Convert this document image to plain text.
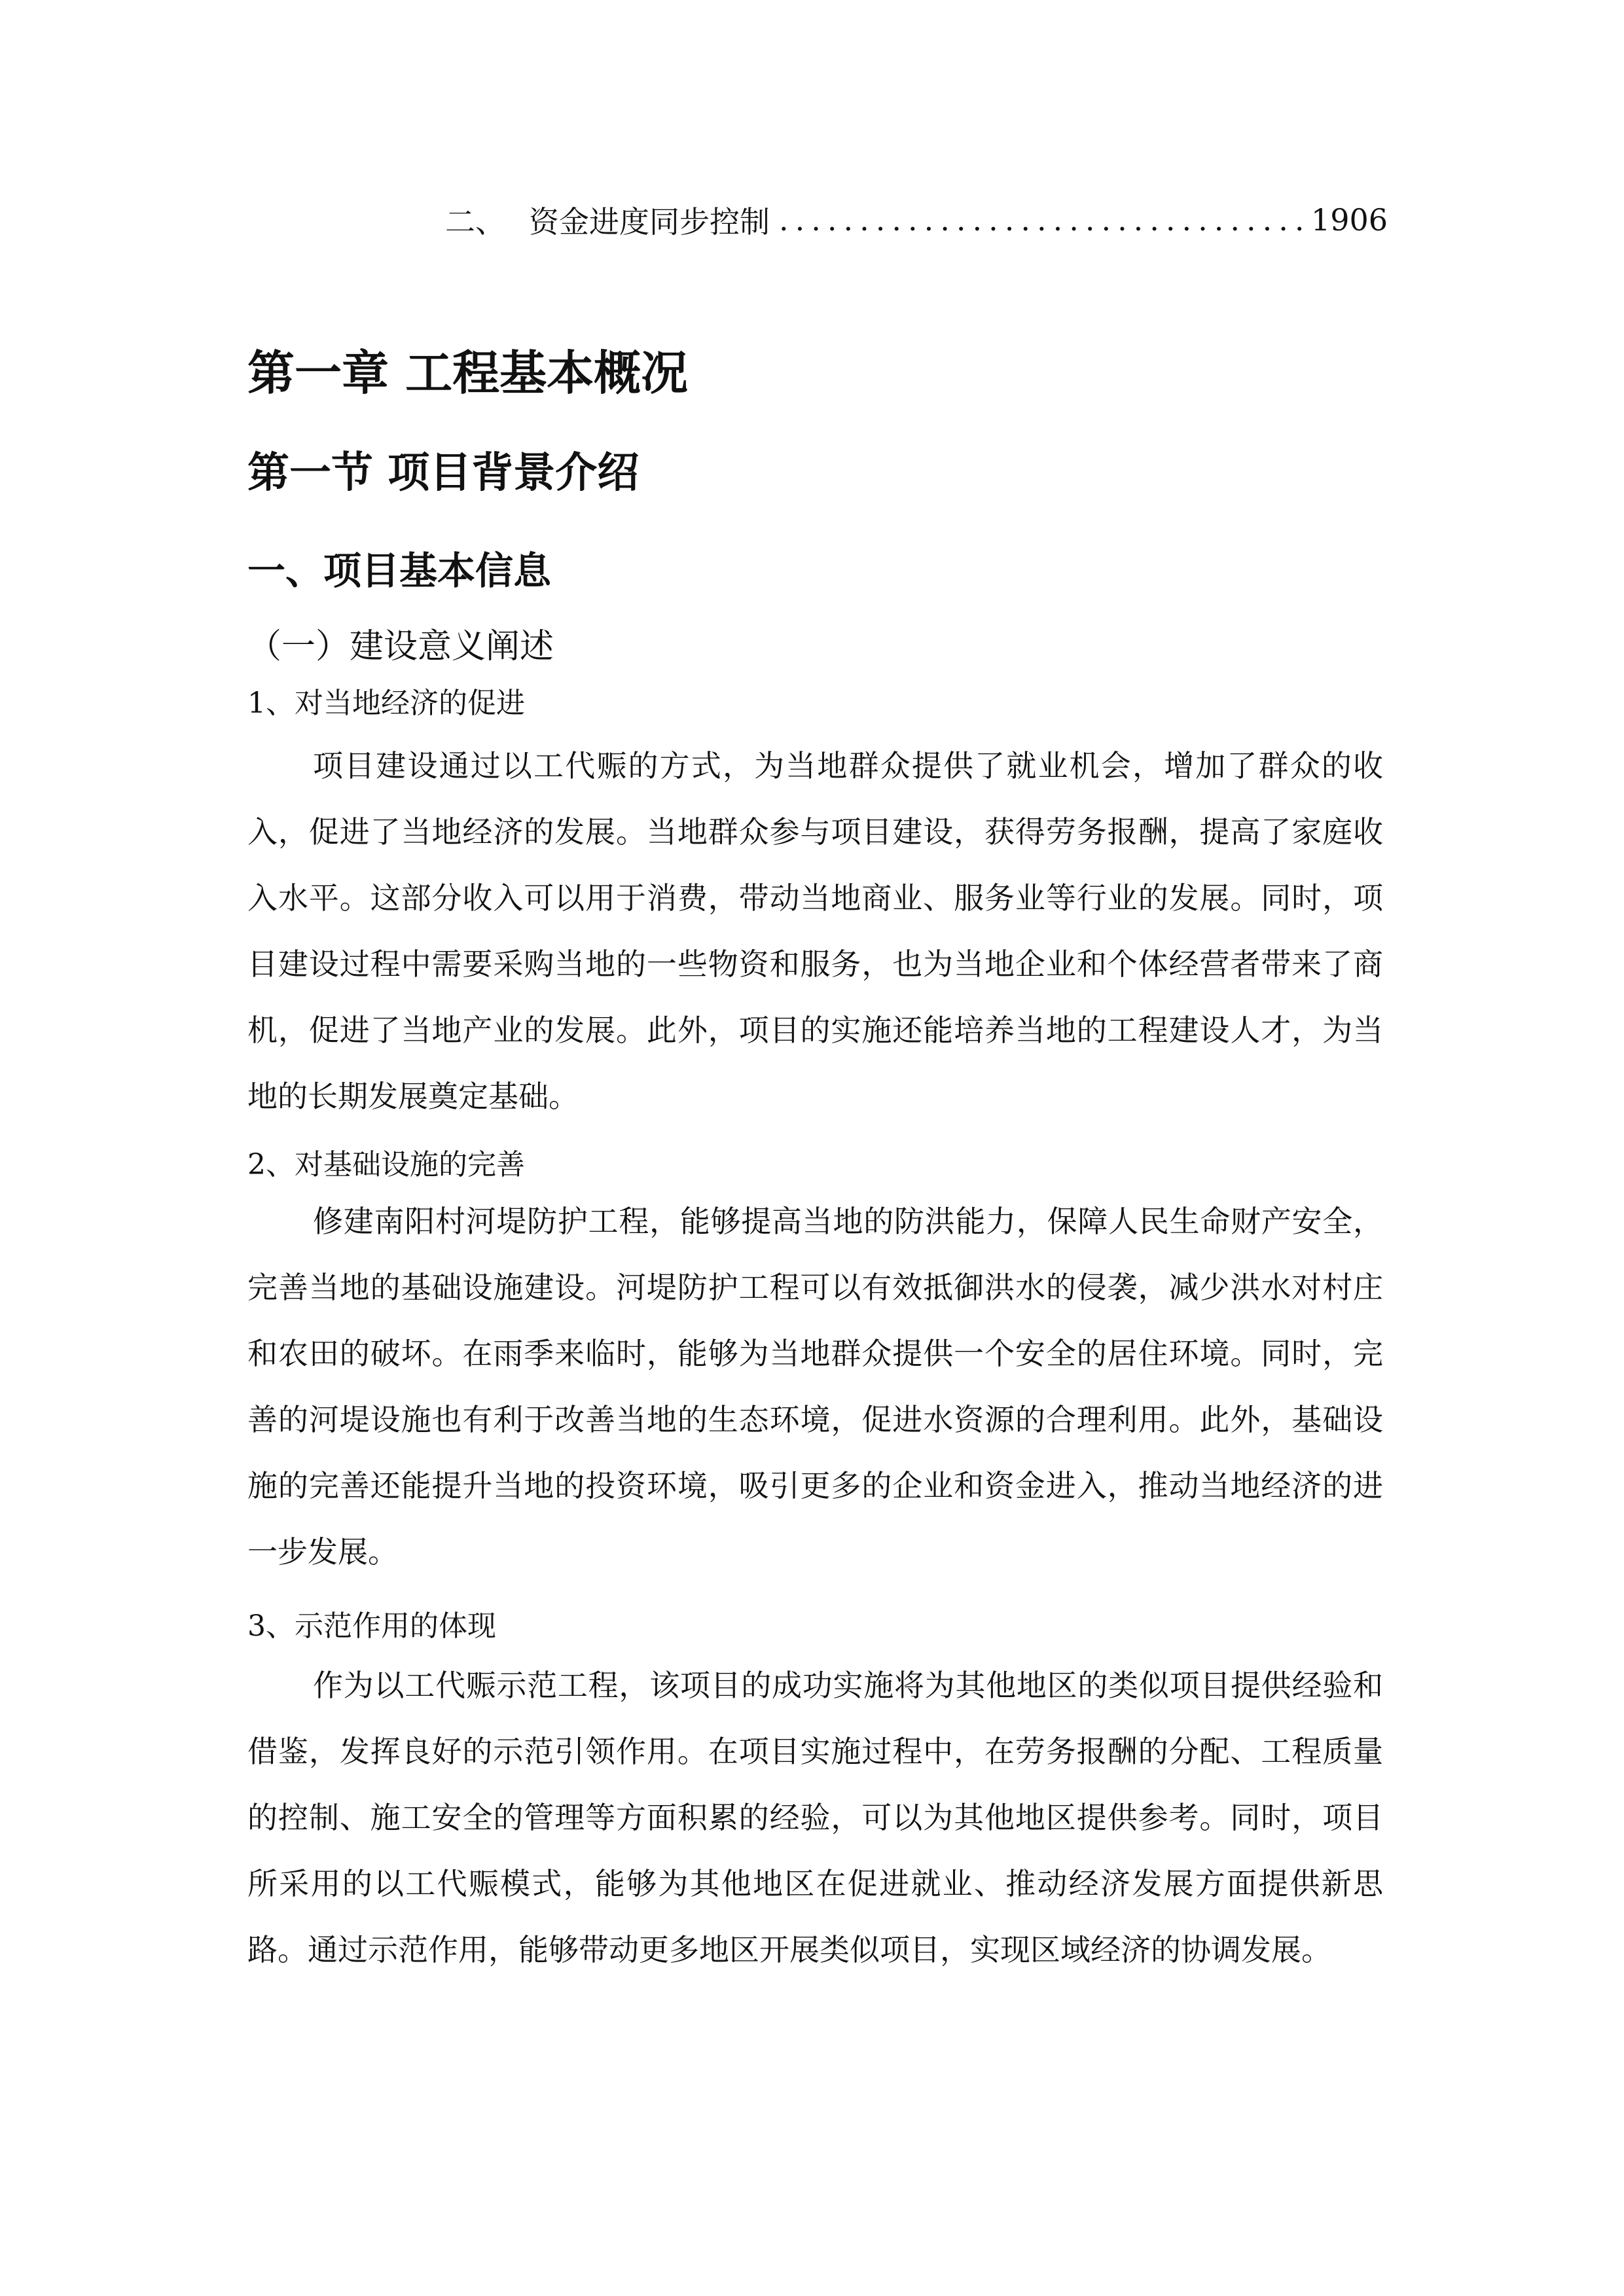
二、 资金进度同步控制
.....	1906
第一章 工程基本概况
第一节 项目背景介绍
一、项目基本信息
（一）建设意义阐述

1、对当地经济的促进

项目建设通过以工代赈的方式，为当地群众提供了就业机会，增加了群众的收入，促进了当地经济的发展。当地群众参与项目建设，获得劳务报酬，提高了家庭收入水平。这部分收入可以用于消费，带动当地商业、服务业等行业的发展。同时，项目建设过程中需要采购当地的一些物资和服务，也为当地企业和个体经营者带来了商机，促进了当地产业的发展。此外，项目的实施还能培养当地的工程建设人才，为当地的长期发展奠定基础。

2、对基础设施的完善

修建南阳村河堤防护工程，能够提高当地的防洪能力，保障人民生命财产安全，完善当地的基础设施建设。河堤防护工程可以有效抵御洪水的侵袭，减少洪水对村庄和农田的破坏。在雨季来临时，能够为当地群众提供一个安全的居住环境。同时，完善的河堤设施也有利于改善当地的生态环境，促进水资源的合理利用。此外，基础设施的完善还能提升当地的投资环境，吸引更多的企业和资金进入，推动当地经济的进一步发展。

3、示范作用的体现

作为以工代赈示范工程，该项目的成功实施将为其他地区的类似项目提供经验和借鉴，发挥良好的示范引领作用。在项目实施过程中，在劳务报酬的分配、工程质量的控制、施工安全的管理等方面积累的经验，可以为其他地区提供参考。同时，项目所采用的以工代赈模式，能够为其他地区在促进就业、推动经济发展方面提供新思路。通过示范作用，能够带动更多地区开展类似项目，实现区域经济的协调发展。
